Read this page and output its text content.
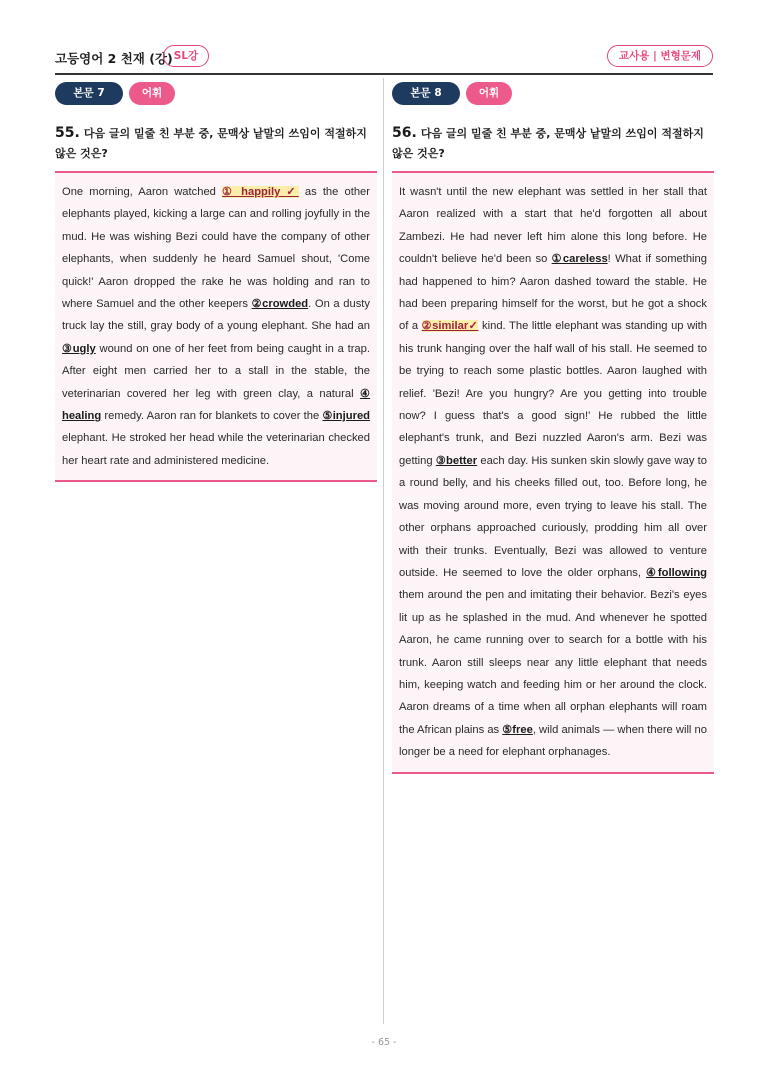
고등영어 2 천재 (강) SL강	교사용 | 변형문제
본문 7	어휘
55. 다음 글의 밑줄 친 부분 중, 문맥상 낱말의 쓰임이 적절하지 않은 것은?
One morning, Aaron watched ① happily ✓ as the other elephants played, kicking a large can and rolling joyfully in the mud. He was wishing Bezi could have the company of other elephants, when suddenly he heard Samuel shout, 'Come quick!' Aaron dropped the rake he was holding and ran to where Samuel and the other keepers ②crowded. On a dusty truck lay the still, gray body of a young elephant. She had an ③ugly wound on one of her feet from being caught in a trap. After eight men carried her to a stall in the stable, the veterinarian covered her leg with green clay, a natural ④ healing remedy. Aaron ran for blankets to cover the ⑤injured elephant. He stroked her head while the veterinarian checked her heart rate and administered medicine.
본문 8	어휘
56. 다음 글의 밑줄 친 부분 중, 문맥상 낱말의 쓰임이 적절하지 않은 것은?
It wasn't until the new elephant was settled in her stall that Aaron realized with a start that he'd forgotten all about Zambezi. He had never left him alone this long before. He couldn't believe he'd been so ①careless! What if something had happened to him? Aaron dashed toward the stable. He had been preparing himself for the worst, but he got a shock of a ②similar✓ kind. The little elephant was standing up with his trunk hanging over the half wall of his stall. He seemed to be trying to reach some plastic bottles. Aaron laughed with relief. 'Bezi! Are you hungry? Are you getting into trouble now? I guess that's a good sign!' He rubbed the little elephant's trunk, and Bezi nuzzled Aaron's arm. Bezi was getting ③better each day. His sunken skin slowly gave way to a round belly, and his cheeks filled out, too. Before long, he was moving around more, even trying to leave his stall. The other orphans approached curiously, prodding him all over with their trunks. Eventually, Bezi was allowed to venture outside. He seemed to love the older orphans, ④following them around the pen and imitating their behavior. Bezi's eyes lit up as he splashed in the mud. And whenever he spotted Aaron, he came running over to search for a bottle with his trunk. Aaron still sleeps near any little elephant that needs him, keeping watch and feeding him or her around the clock. Aaron dreams of a time when all orphan elephants will roam the African plains as ⑤free, wild animals — when there will no longer be a need for elephant orphanages.
- 65 -
